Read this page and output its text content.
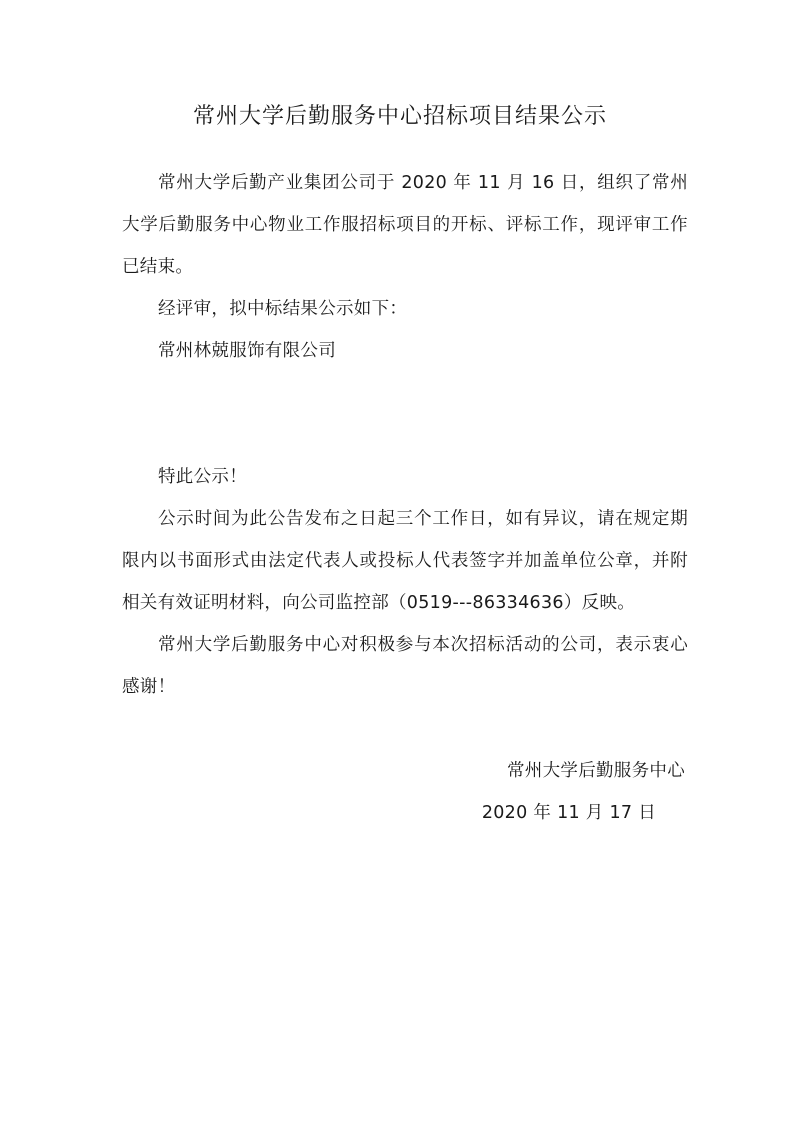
常州大学后勤服务中心招标项目结果公示

常州大学后勤产业集团公司于 2020 年 11 月 16 日，组织了常州大学后勤服务中心物业工作服招标项目的开标、评标工作，现评审工作已结束。

经评审，拟中标结果公示如下：

常州林兢服饰有限公司

特此公示！

公示时间为此公告发布之日起三个工作日，如有异议，请在规定期限内以书面形式由法定代表人或投标人代表签字并加盖单位公章，并附相关有效证明材料，向公司监控部（0519---86334636）反映。

常州大学后勤服务中心对积极参与本次招标活动的公司，表示衷心感谢！

常州大学后勤服务中心

2020 年 11 月 17 日
